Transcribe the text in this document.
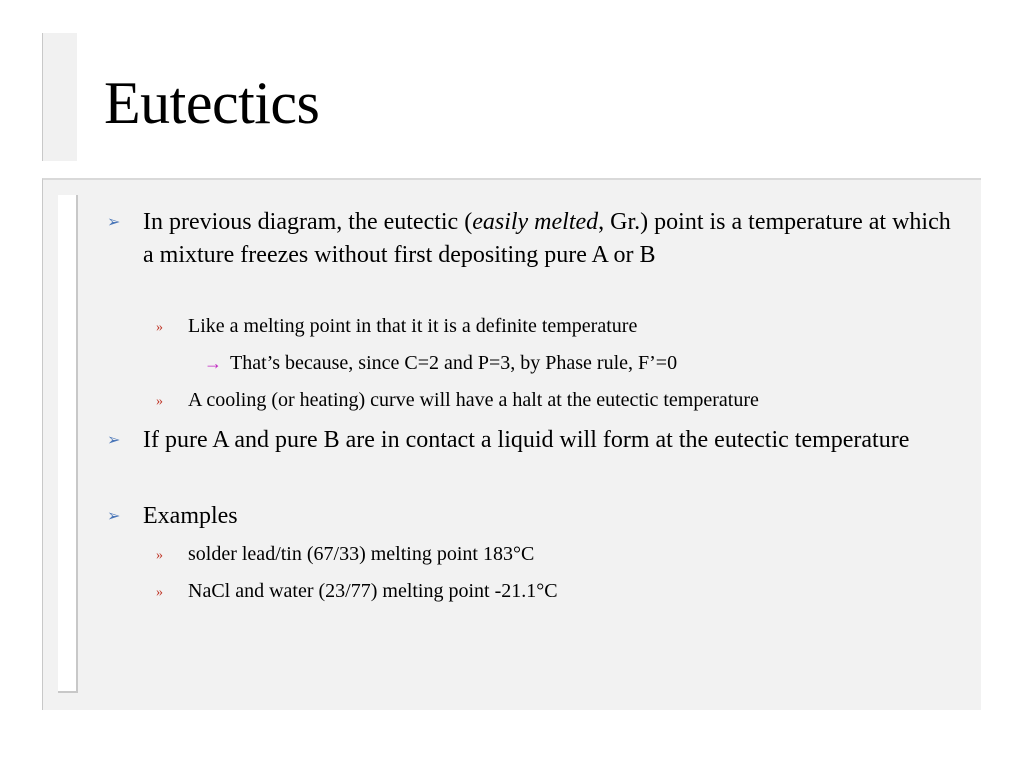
Eutectics
➢ In previous diagram, the eutectic (easily melted, Gr.) point is a temperature at which a mixture freezes without first depositing pure A or B
» Like a melting point in that it it is a definite temperature
→ That’s because, since C=2 and P=3, by Phase rule, F’=0
» A cooling (or heating) curve will have a halt at the eutectic temperature
➢ If pure A and pure B are in contact a liquid will form at the eutectic temperature
➢ Examples
» solder lead/tin (67/33) melting point 183°C
» NaCl and water (23/77) melting point -21.1°C
